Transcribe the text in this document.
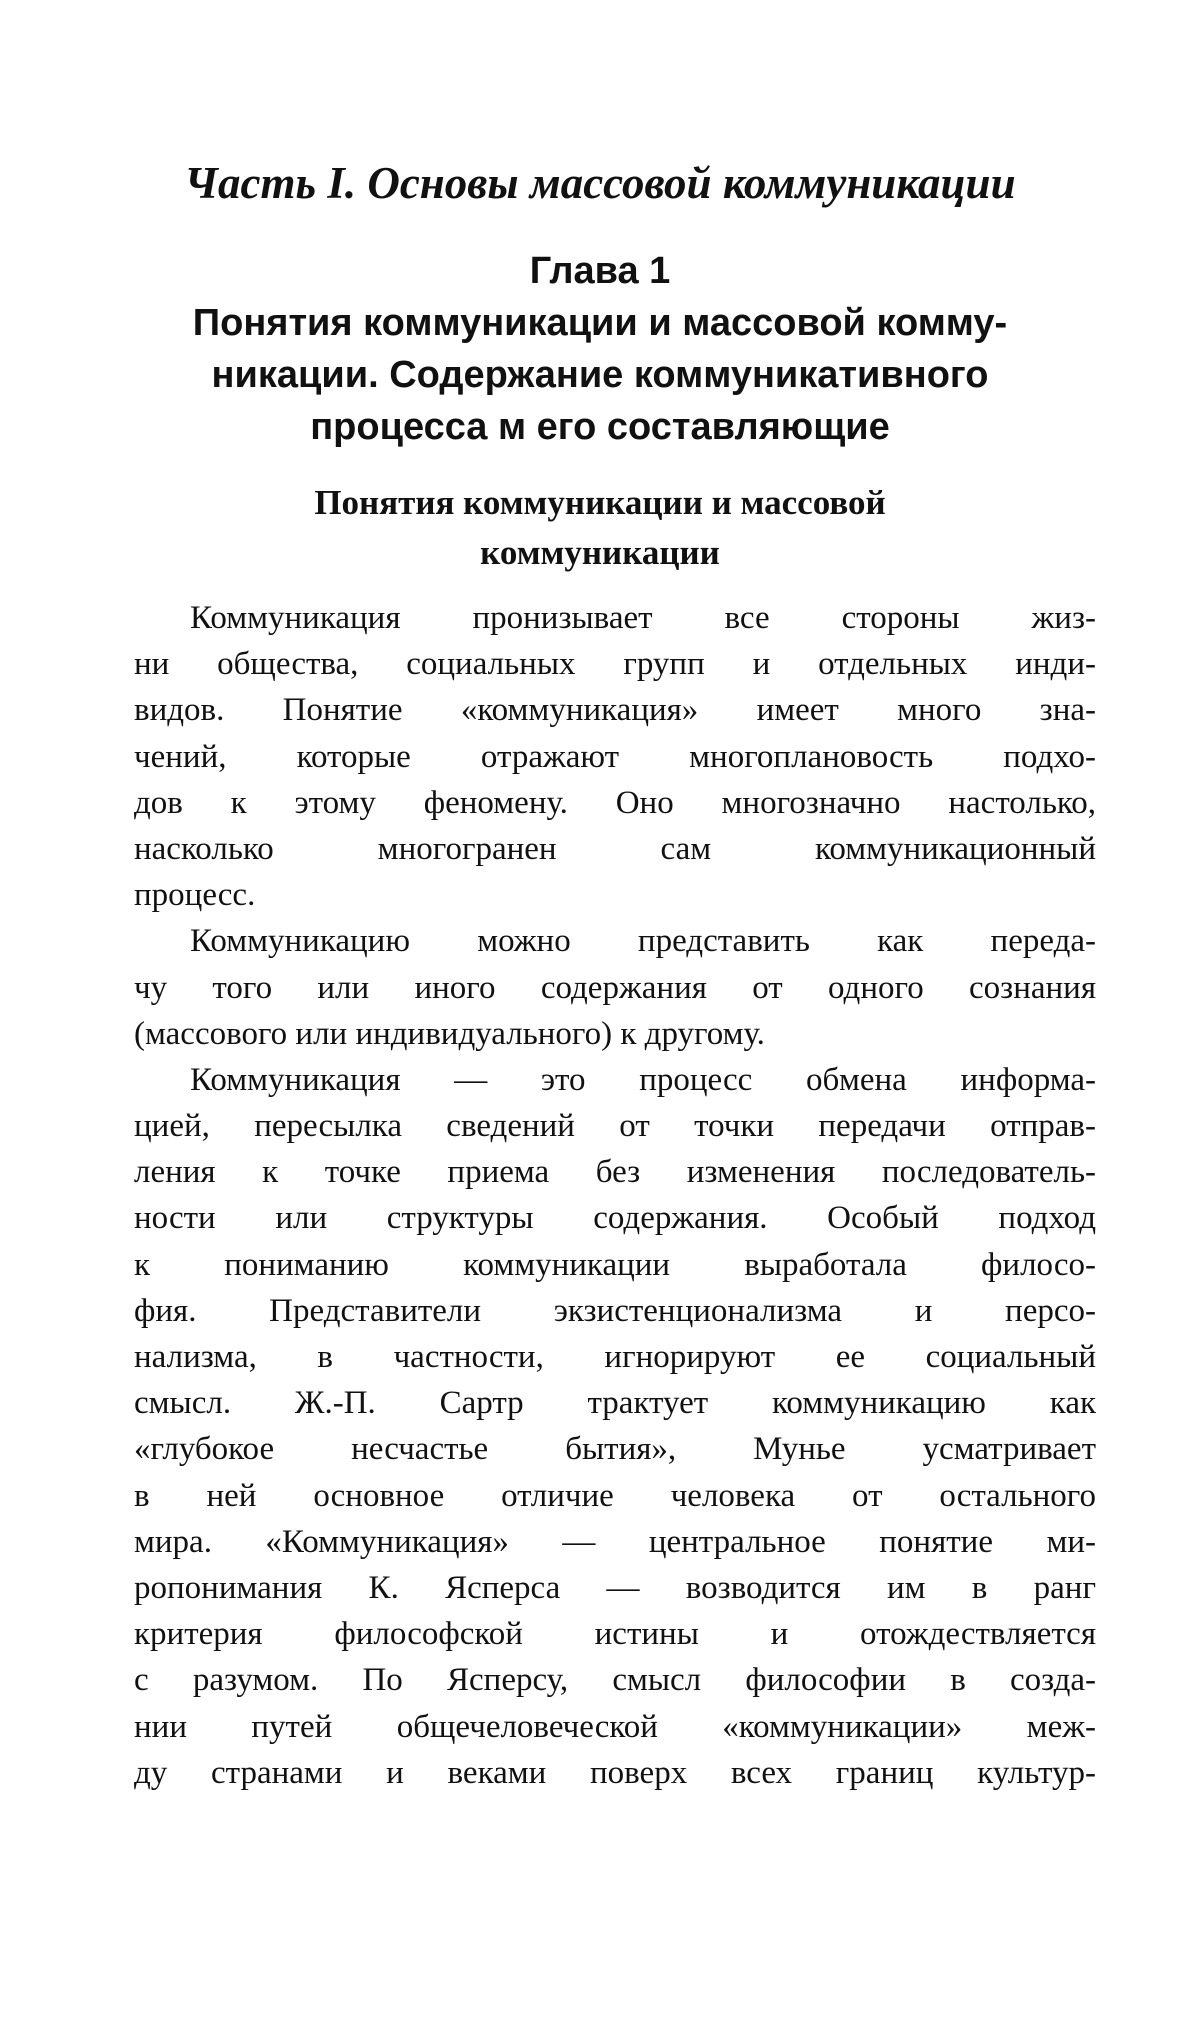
Часть I. Основы массовой коммуникации
Глава 1
Понятия коммуникации и массовой комму-
никации. Содержание коммуникативного
процесса м его составляющие
Понятия коммуникации и массовой
коммуникации
Коммуникация пронизывает все стороны жиз-
ни общества, социальных групп и отдельных инди-
видов. Понятие «коммуникация» имеет много зна-
чений, которые отражают многоплановость подхо-
дов к этому феномену. Оно многозначно настолько,
насколько многогранен сам коммуникационный
процесс.
Коммуникацию можно представить как переда-
чу того или иного содержания от одного сознания
(массового или индивидуального) к другому.
Коммуникация — это процесс обмена информа-
цией, пересылка сведений от точки передачи отправ-
ления к точке приема без изменения последователь-
ности или структуры содержания. Особый подход
к пониманию коммуникации выработала филосо-
фия. Представители экзистенционализма и персо-
нализма, в частности, игнорируют ее социальный
смысл. Ж.-П. Сартр трактует коммуникацию как
«глубокое несчастье бытия», Мунье усматривает
в ней основное отличие человека от остального
мира. «Коммуникация» — центральное понятие ми-
ропонимания К. Ясперса — возводится им в ранг
критерия философской истины и отождествляется
с разумом. По Ясперсу, смысл философии в созда-
нии путей общечеловеческой «коммуникации» меж-
ду странами и веками поверх всех границ культур-
